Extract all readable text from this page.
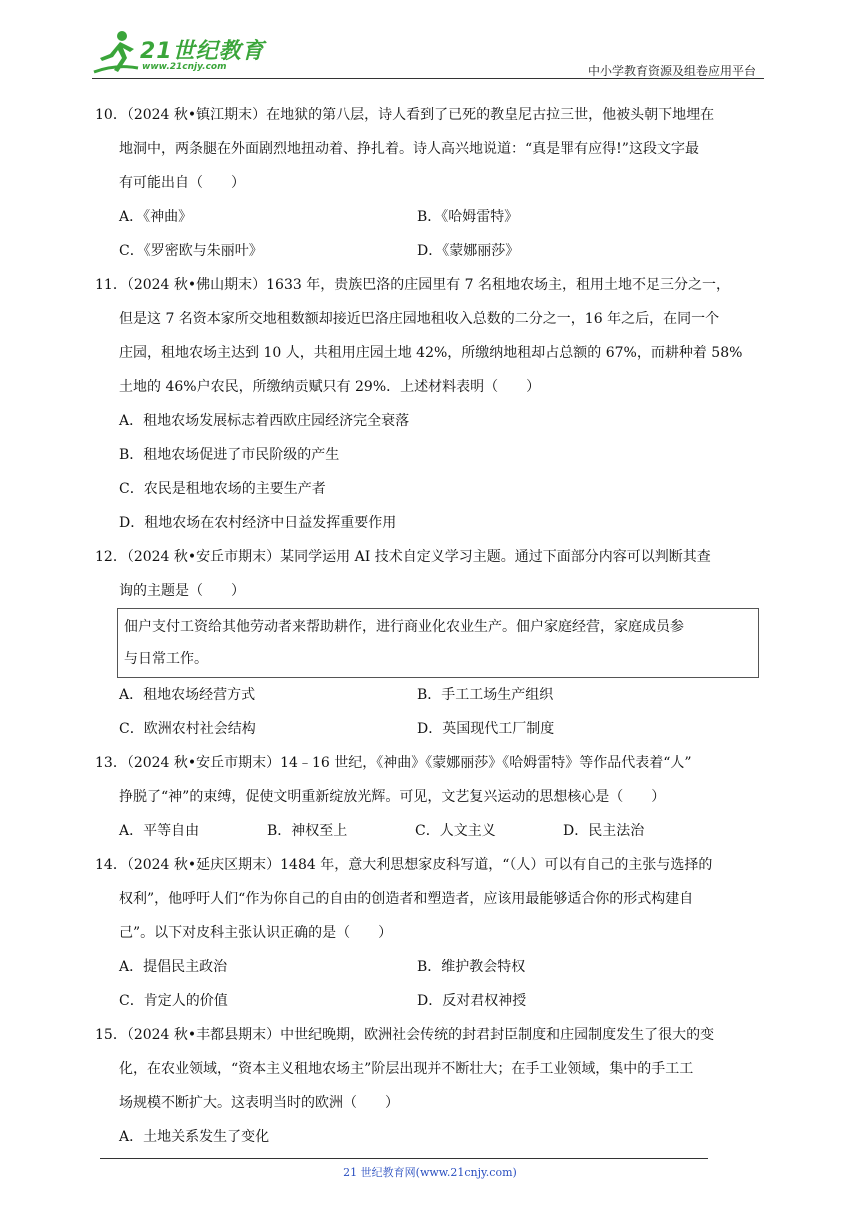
21世纪教育
www.21cnjy.com	中小学教育资源及组卷应用平台
10．（2024 秋•镇江期末）在地狱的第八层，诗人看到了已死的教皇尼古拉三世，他被头朝下地埋在
地洞中，两条腿在外面剧烈地扭动着、挣扎着。诗人高兴地说道：“真是罪有应得!”这段文字最
有可能出自（　　）
A．《神曲》	B．《哈姆雷特》
C．《罗密欧与朱丽叶》	D．《蒙娜丽莎》
11．（2024 秋•佛山期末）1633 年，贵族巴洛的庄园里有 7 名租地农场主，租用土地不足三分之一，
但是这 7 名资本家所交地租数额却接近巴洛庄园地租收入总数的二分之一，16 年之后，在同一个
庄园，租地农场主达到 10 人，共租用庄园土地 42%，所缴纳地租却占总额的 67%，而耕种着 58%
土地的 46%户农民，所缴纳贡赋只有 29%．上述材料表明（　　）
A．租地农场发展标志着西欧庄园经济完全衰落
B．租地农场促进了市民阶级的产生
C．农民是租地农场的主要生产者
D．租地农场在农村经济中日益发挥重要作用
12．（2024 秋•安丘市期末）某同学运用 AI 技术自定义学习主题。通过下面部分内容可以判断其查
询的主题是（　　）
佃户支付工资给其他劳动者来帮助耕作，进行商业化农业生产。佃户家庭经营，家庭成员参
与日常工作。
A．租地农场经营方式	B．手工工场生产组织
C．欧洲农村社会结构	D．英国现代工厂制度
13．（2024 秋•安丘市期末）14﹣16 世纪，《神曲》《蒙娜丽莎》《哈姆雷特》等作品代表着“人”
挣脱了“神”的束缚，促使文明重新绽放光辉。可见，文艺复兴运动的思想核心是（　　）
A．平等自由	B．神权至上	C．人文主义	D．民主法治
14．（2024 秋•延庆区期末）1484 年，意大利思想家皮科写道，“（人）可以有自己的主张与选择的
权利”，他呼吁人们“作为你自己的自由的创造者和塑造者，应该用最能够适合你的形式构建自
己”。以下对皮科主张认识正确的是（　　）
A．提倡民主政治	B．维护教会特权
C．肯定人的价值	D．反对君权神授
15．（2024 秋•丰都县期末）中世纪晚期，欧洲社会传统的封君封臣制度和庄园制度发生了很大的变
化，在农业领域，“资本主义租地农场主”阶层出现并不断壮大；在手工业领域，集中的手工工
场规模不断扩大。这表明当时的欧洲（　　）
A．土地关系发生了变化
21 世纪教育网(www.21cnjy.com)
